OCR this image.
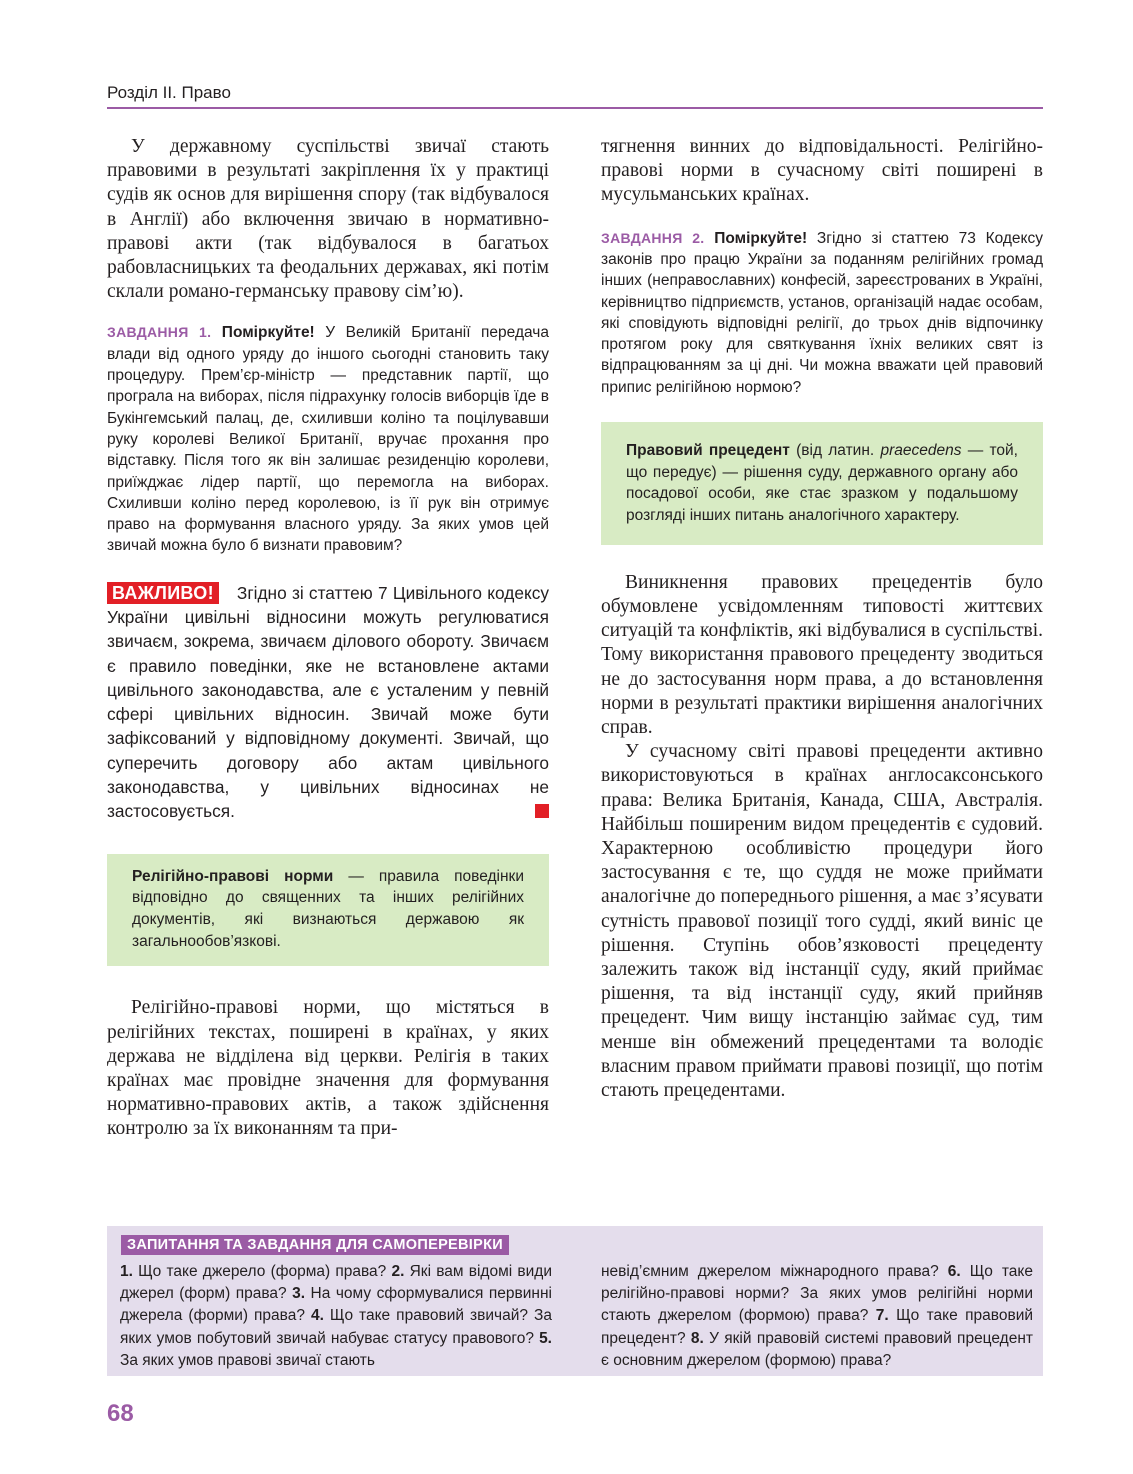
Розділ ІІ. Право

У державному суспільстві звичаї стають правовими в результаті закріплення їх у практиці судів як основ для вирішення спору (так відбувалося в Англії) або включення звичаю в нормативно-правові акти (так відбувалося в багатьох рабовласницьких та феодальних державах, які потім склали романо-германську правову сім’ю).

ЗАВДАННЯ 1. Поміркуйте! У Великій Британії передача влади від одного уряду до іншого сьогодні становить таку процедуру. Прем’єр-міністр — представник партії, що програла на виборах, після підрахунку голосів виборців їде в Букінгемський палац, де, схиливши коліно та поцілувавши руку королеві Великої Британії, вручає прохання про відставку. Після того як він залишає резиденцію королеви, приїжджає лідер партії, що перемогла на виборах. Схиливши коліно перед королевою, із її рук він отримує право на формування власного уряду. За яких умов цей звичай можна було б визнати правовим?

ВАЖЛИВО! Згідно зі статтею 7 Цивільного кодексу України цивільні відносини можуть регулюватися звичаєм, зокрема, звичаєм ділового обороту. Звичаєм є правило поведінки, яке не встановлене актами цивільного законодавства, але є усталеним у певній сфері цивільних відносин. Звичай може бути зафіксований у відповідному документі. Звичай, що суперечить договору або актам цивільного законодавства, у цивільних відносинах не застосовується.

Релігійно-правові норми — правила поведінки відповідно до священних та інших релігійних документів, які визнаються державою як загальнообов’язкові.

Релігійно-правові норми, що містяться в релігійних текстах, поширені в країнах, у яких держава не відділена від церкви. Релігія в таких країнах має провідне значення для формування нормативно-правових актів, а також здійснення контролю за їх виконанням та при-

тягнення винних до відповідальності. Релігійно-правові норми в сучасному світі поширені в мусульманських країнах.

ЗАВДАННЯ 2. Поміркуйте! Згідно зі статтею 73 Кодексу законів про працю України за поданням релігійних громад інших (неправославних) конфесій, зареєстрованих в Україні, керівництво підприємств, установ, організацій надає особам, які сповідують відповідні релігії, до трьох днів відпочинку протягом року для святкування їхніх великих свят із відпрацюванням за ці дні. Чи можна вважати цей правовий припис релігійною нормою?

Правовий прецедент (від латин. praecedens — той, що передує) — рішення суду, державного органу або посадової особи, яке стає зразком у подальшому розгляді інших питань аналогічного характеру.

Виникнення правових прецедентів було обумовлене усвідомленням типовості життєвих ситуацій та конфліктів, які відбувалися в суспільстві. Тому використання правового прецеденту зводиться не до застосування норм права, а до встановлення норми в результаті практики вирішення аналогічних справ.

У сучасному світі правові прецеденти активно використовуються в країнах англосаксонського права: Велика Британія, Канада, США, Австралія. Найбільш поширеним видом прецедентів є судовий. Характерною особливістю процедури його застосування є те, що суддя не може приймати аналогічне до попереднього рішення, а має з’ясувати сутність правової позиції того судді, який виніс це рішення. Ступінь обов’язковості прецеденту залежить також від інстанції суду, який приймає рішення, та від інстанції суду, який прийняв прецедент. Чим вищу інстанцію займає суд, тим менше він обмежений прецедентами та володіє власним правом приймати правові позиції, що потім стають прецедентами.

ЗАПИТАННЯ ТА ЗАВДАННЯ ДЛЯ САМОПЕРЕВІРКИ

1. Що таке джерело (форма) права? 2. Які вам відомі види джерел (форм) права? 3. На чому сформувалися первинні джерела (форми) права? 4. Що таке правовий звичай? За яких умов побутовий звичай набуває статусу правового? 5. За яких умов правові звичаї стають

невід’ємним джерелом міжнародного права? 6. Що таке релігійно-правові норми? За яких умов релігійні норми стають джерелом (формою) права? 7. Що таке правовий прецедент? 8. У якій правовій системі правовий прецедент є основним джерелом (формою) права?

68
